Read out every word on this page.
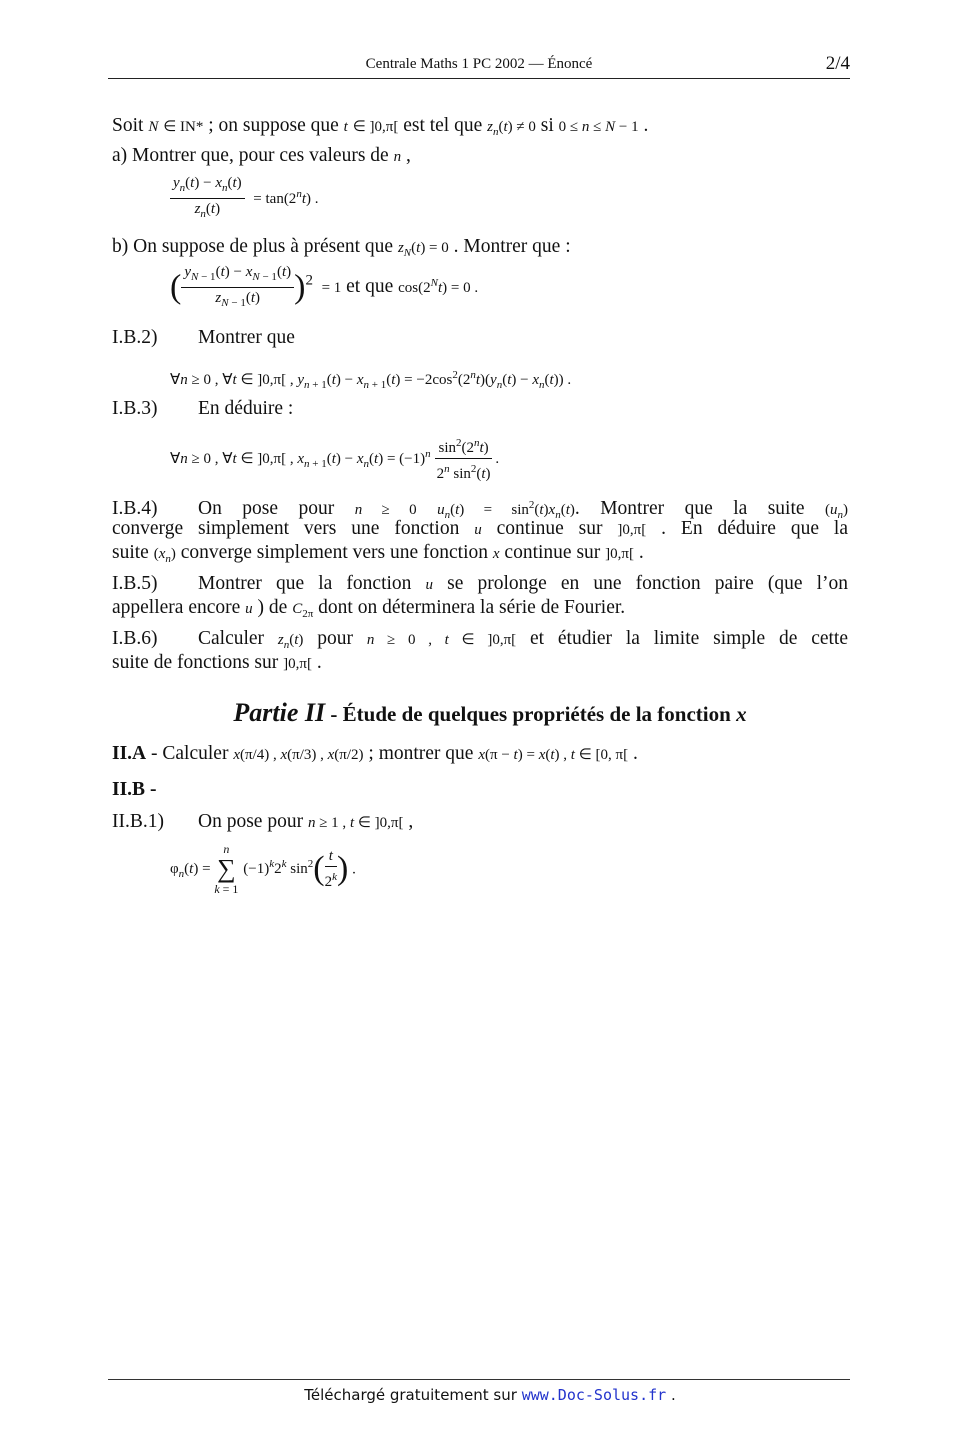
Centrale Maths 1 PC 2002 — Énoncé	2/4
Soit N ∈ IN* ; on suppose que t ∈ ]0,π[ est tel que $z_n(t) \ne 0$ si 0 ≤ n ≤ N − 1 .
a) Montrer que, pour ces valeurs de n ,
$\frac{y_n(t) - x_n(t)}{z_n(t)} = \tan(2^nt)$ .
b) On suppose de plus à présent que $z_N(t) = 0$ . Montrer que :
( $\frac{y_{N - 1}(t) - x_{N - 1}(t)}{z_{N - 1}(t)} )^2 = 1$ et que $\cos(2^Nt) = 0$ .
I.B.2) Montrer que
∀n ≥ 0 , ∀t ∈ ]0,π[ , $y_{n + 1}(t) - x_{n + 1}(t) = -2\cos^2(2^nt)(y_n(t) - x_n(t))$ .
I.B.3) En déduire :
∀n ≥ 0 , ∀t ∈ ]0,π[ , $x_{n + 1}(t) - x_n(t) = (-1)^n \frac{\sin^2(2^nt)}{2^n \sin^2(t)}$ .
I.B.4) On pose pour n ≥ 0 $u_n(t) = \sin^2(t)x_n(t)$. Montrer que la suite $(u_n)$
converge simplement vers une fonction u continue sur ]0,π[ . En déduire que la
suite $(x_n)$ converge simplement vers une fonction x continue sur ]0,π[ .
I.B.5) Montrer que la fonction u se prolonge en une fonction paire (que l’on
appellera encore u ) de $C_{2\pi}$ dont on déterminera la série de Fourier.
I.B.6) Calculer $z_n(t)$ pour n ≥ 0 , t ∈ ]0,π[ et étudier la limite simple de cette
suite de fonctions sur ]0,π[ .
Partie II - Étude de quelques propriétés de la fonction x
II.A - Calculer x(π/4) , x(π/3) , x(π/2) ; montrer que x(π − t) = x(t) , t ∈ [0, π[ .
II.B -
II.B.1) On pose pour n ≥ 1 , t ∈ ]0,π[ ,
$\varphi_n(t)$ =
n
∑
k = 1
$(-1)^k2^k$ $\sin^2( \frac{t}{2^k}$ ) .
Téléchargé gratuitement sur www.Doc-Solus.fr .
